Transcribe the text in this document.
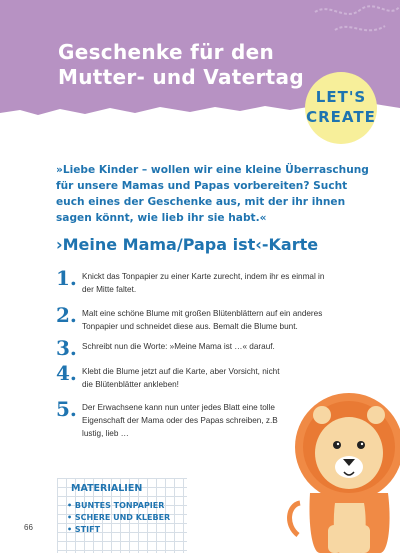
Geschenke für den
Mutter- und Vatertag
LET'S
CREATE
»Liebe Kinder – wollen wir eine kleine Überraschung für unsere Mamas und Papas vorbereiten? Sucht euch eines der Geschenke aus, mit der ihr ihnen sagen könnt, wie lieb ihr sie habt.«
›Meine Mama/Papa ist‹-Karte
1. Knickt das Tonpapier zu einer Karte zurecht, indem ihr es einmal in der Mitte faltet.
2. Malt eine schöne Blume mit großen Blütenblättern auf ein anderes Tonpapier und schneidet diese aus. Bemalt die Blume bunt.
3. Schreibt nun die Worte: »Meine Mama ist …« darauf.
4. Klebt die Blume jetzt auf die Karte, aber Vorsicht, nicht die Blütenblätter ankleben!
5. Der Erwachsene kann nun unter jedes Blatt eine tolle Eigenschaft der Mama oder des Papas schreiben, z.B lustig, lieb …
MATERIALIEN
• BUNTES TONPAPIER
• SCHERE UND KLEBER
• STIFT
66
